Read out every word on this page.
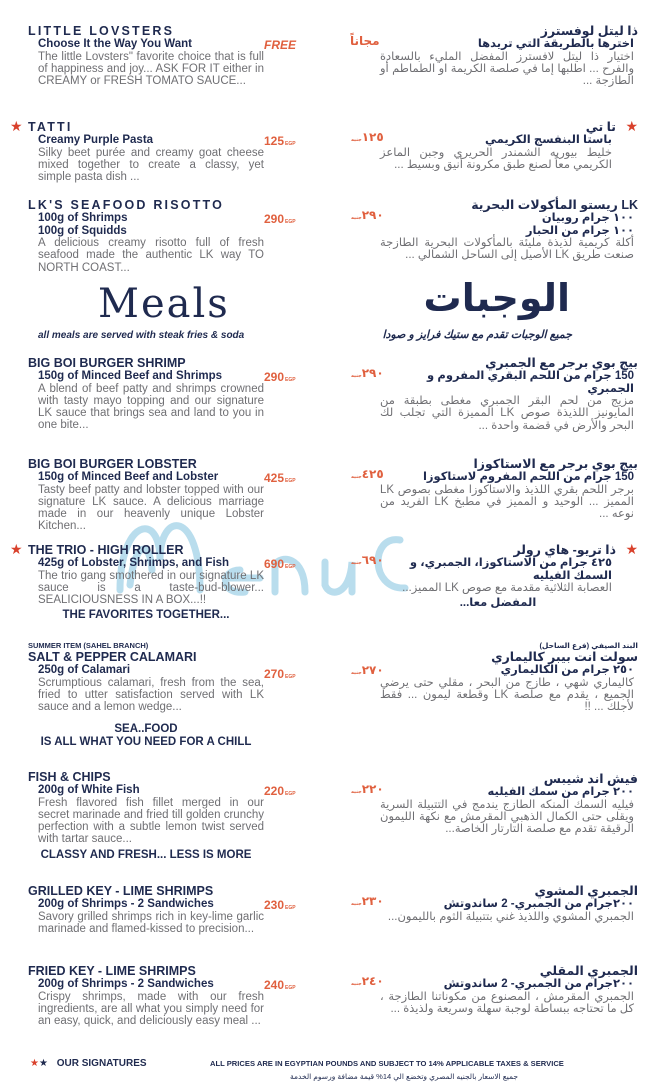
Meals
all meals are served with steak fries & soda
الوجبات
جميع الوجبات تقدم مع ستيك فرايز و صودا
★★ OUR SIGNATURES	ALL PRICES ARE IN EGYPTIAN POUNDS AND SUBJECT TO 14% APPLICABLE TAXES & SERVICE
جميع الاسعار بالجنيه المصري وتخضع الي 14% قيمة مضافة ورسوم الخدمة
LITTLE LOVSTERS
Choose It the Way You Want
The little Lovsters" favorite choice that is full of happiness and joy... ASK FOR IT either in CREAMY or FRESH TOMATO SAUCE...
FREE
TATTI
Creamy Purple Pasta
Silky beet purée and creamy goat cheese mixed together to create a classy, yet simple pasta dish ...
125EGP
★
LK'S SEAFOOD RISOTTO
100g of Shrimps
100g of Squidds
A delicious creamy risotto full of fresh seafood made the authentic LK way TO NORTH COAST...
290EGP
BIG BOI BURGER SHRIMP
150g of Minced Beef and Shrimps
A blend of beef patty and shrimps crowned with tasty mayo topping and our signature LK sauce that brings sea and land to you in one bite...
290EGP
BIG BOI BURGER LOBSTER
150g of Minced Beef and Lobster
Tasty beef patty and lobster topped with our signature LK sauce. A delicious marriage made in our heavenly unique Lobster Kitchen...
425EGP
THE TRIO - HIGH ROLLER
425g of Lobster, Shrimps, and Fish
The trio gang smothered in our signature LK sauce is a taste-bud-blower... SEALICIOUSNESS IN A BOX...!!
THE FAVORITES TOGETHER...
690EGP
★
SUMMER ITEM (SAHEL BRANCH)
SALT & PEPPER CALAMARI
250g of Calamari
Scrumptious calamari, fresh from the sea, fried to utter satisfaction served with LK sauce and a lemon wedge...
SEA..FOOD
IS ALL WHAT YOU NEED FOR A CHILL
270EGP
FISH & CHIPS
200g of White Fish
Fresh flavored fish fillet merged in our secret marinade and fried till golden crunchy perfection with a subtle lemon twist served with tartar sauce...
CLASSY AND FRESH... LESS IS MORE
220EGP
GRILLED KEY - LIME SHRIMPS
200g of Shrimps - 2 Sandwiches
Savory grilled shrimps rich in key-lime garlic marinade and flamed-kissed to precision...
230EGP
FRIED KEY - LIME SHRIMPS
200g of Shrimps - 2 Sandwiches
Crispy shrimps, made with our fresh ingredients, are all what you simply need for an easy, quick, and deliciously easy meal ...
240EGP
ذا ليتل لوفسترز
اخترها بالطريقة التي تريدها
اختيار ذا ليتل لافسترز المفضل المليء بالسعادة والفرح ... اطلبها إما في صلصة الكريمة او الطماطم أو الطازجة ...
مجاناً
تا تي
باستا البنفسج الكريمي
خليط بيوريه الشمندر الحريري وجبن الماعز الكريمي معاً لصنع طبق مكرونة أنيق وبسيط ...
١٢٥جنيه
★
LK ريستو المأكولات البحرية
١٠٠ جرام روبيان
١٠٠ جرام من الحبار
أكلة كريمية لذيذة مليئة بالمأكولات البحرية الطازجة صنعت طريق LK الأصيل إلى الساحل الشمالي ...
٢٩٠جنيه
بيج بوي برجر مع الجمبري
150 جرام من اللحم البقري المفروم و الجمبري
مزيج من لحم البقر الجمبري مغطى بطبقة من المايونيز اللذيذة صوص LK المميزة التي تجلب لك البحر والأرض في قضمة واحدة ...
٢٩٠جنيه
بيج بوي برجر مع الاستاكوزا
150 جرام من اللحم المفروم لاستاكوزا
برجر اللحم بقري اللذيذ والاستاكوزا مغطى بصوص LK المميز ... الوحيد و المميز في مطبخ LK الفريد من نوعه ...
٤٢٥جنيه
ذا تريو- هاي رولر
٤٢٥ جرام من الاستاكوزا، الجمبري، و السمك الفيليه
العصابة الثلاثية مقدمة مع صوص LK المميز...
المفضل معا...
٦٩٠جنيه
★
البند الصيفي (فرع الساحل)
سولت انت بيبر كاليماري
٢٥٠ جرام من الكاليماري
كاليماري شهي ، طازج من البحر ، مقلي حتى يرضي الجميع ، يقدم مع صلصة LK وقطعة ليمون ... فقط لأجلك ... !!
٢٧٠جنيه
فيش اند شيبس
٢٠٠ جرام من سمك الفيليه
فيليه السمك المنكه الطازج يندمج في التتبيلة السرية ويقلى حتى الكمال الذهبي المقرمش مع نكهة الليمون الرقيقة تقدم مع صلصة التارتار الخاصة...
٢٢٠جنيه
الجمبري المشوي
٢٠٠جرام من الجمبري- 2 ساندوتش
الجمبري المشوي واللذيذ غني بتتبيلة الثوم بالليمون...
٢٣٠جنيه
الجمبري المقلي
٢٠٠جرام من الجمبري- 2 ساندوتش
الجمبري المقرمش ، المصنوع من مكوناتنا الطازجة ، كل ما تحتاجه ببساطة لوجبة سهلة وسريعة ولذيذة ...
٢٤٠جنيه
